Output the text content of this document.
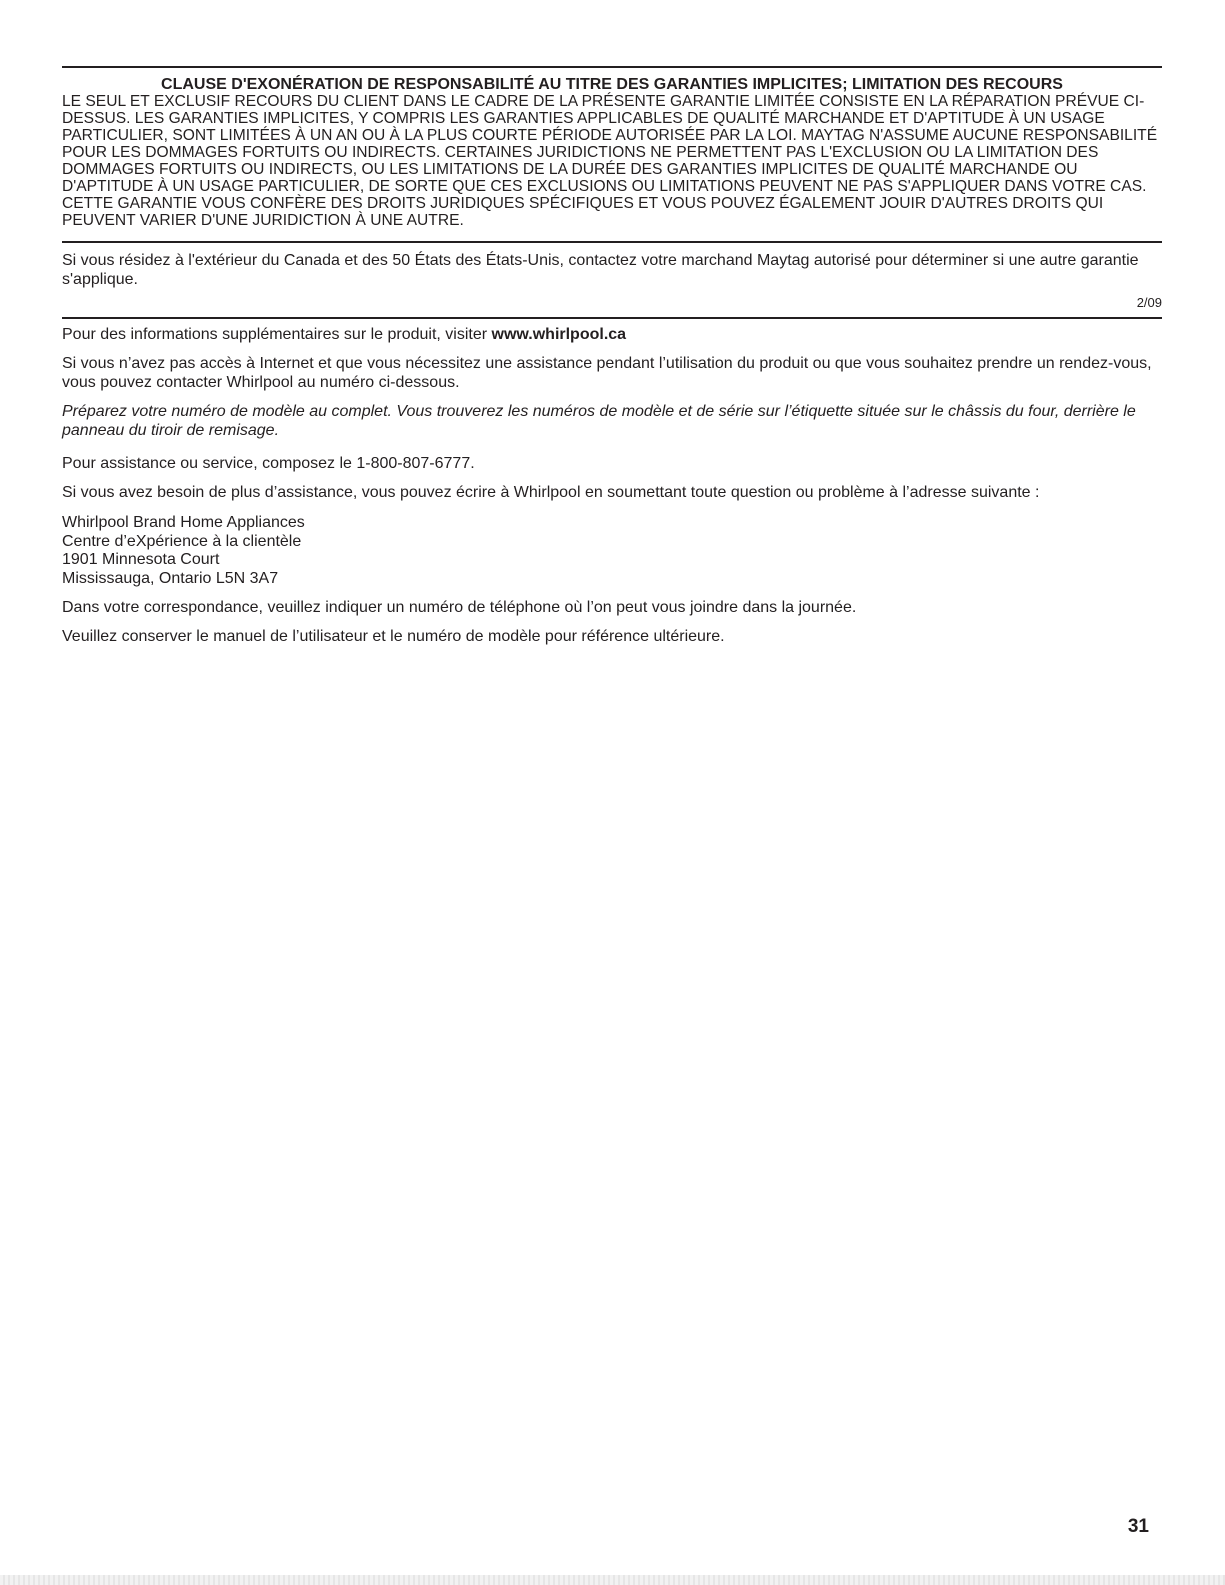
CLAUSE D'EXONÉRATION DE RESPONSABILITÉ AU TITRE DES GARANTIES IMPLICITES; LIMITATION DES RECOURS
LE SEUL ET EXCLUSIF RECOURS DU CLIENT DANS LE CADRE DE LA PRÉSENTE GARANTIE LIMITÉE CONSISTE EN LA RÉPARATION PRÉVUE CI-DESSUS. LES GARANTIES IMPLICITES, Y COMPRIS LES GARANTIES APPLICABLES DE QUALITÉ MARCHANDE ET D'APTITUDE À UN USAGE PARTICULIER, SONT LIMITÉES À UN AN OU À LA PLUS COURTE PÉRIODE AUTORISÉE PAR LA LOI. MAYTAG N'ASSUME AUCUNE RESPONSABILITÉ POUR LES DOMMAGES FORTUITS OU INDIRECTS. CERTAINES JURIDICTIONS NE PERMETTENT PAS L'EXCLUSION OU LA LIMITATION DES DOMMAGES FORTUITS OU INDIRECTS, OU LES LIMITATIONS DE LA DURÉE DES GARANTIES IMPLICITES DE QUALITÉ MARCHANDE OU D'APTITUDE À UN USAGE PARTICULIER, DE SORTE QUE CES EXCLUSIONS OU LIMITATIONS PEUVENT NE PAS S'APPLIQUER DANS VOTRE CAS. CETTE GARANTIE VOUS CONFÈRE DES DROITS JURIDIQUES SPÉCIFIQUES ET VOUS POUVEZ ÉGALEMENT JOUIR D'AUTRES DROITS QUI PEUVENT VARIER D'UNE JURIDICTION À UNE AUTRE.

Si vous résidez à l'extérieur du Canada et des 50 États des États-Unis, contactez votre marchand Maytag autorisé pour déterminer si une autre garantie s'applique.

2/09

Pour des informations supplémentaires sur le produit, visiter www.whirlpool.ca

Si vous n’avez pas accès à Internet et que vous nécessitez une assistance pendant l’utilisation du produit ou que vous souhaitez prendre un rendez-vous, vous pouvez contacter Whirlpool au numéro ci-dessous.

Préparez votre numéro de modèle au complet. Vous trouverez les numéros de modèle et de série sur l’étiquette située sur le châssis du four, derrière le panneau du tiroir de remisage.

Pour assistance ou service, composez le 1-800-807-6777.

Si vous avez besoin de plus d’assistance, vous pouvez écrire à Whirlpool en soumettant toute question ou problème à l’adresse suivante :

Whirlpool Brand Home Appliances
Centre d’eXpérience à la clientèle
1901 Minnesota Court
Mississauga, Ontario L5N 3A7

Dans votre correspondance, veuillez indiquer un numéro de téléphone où l’on peut vous joindre dans la journée.

Veuillez conserver le manuel de l’utilisateur et le numéro de modèle pour référence ultérieure.

31
